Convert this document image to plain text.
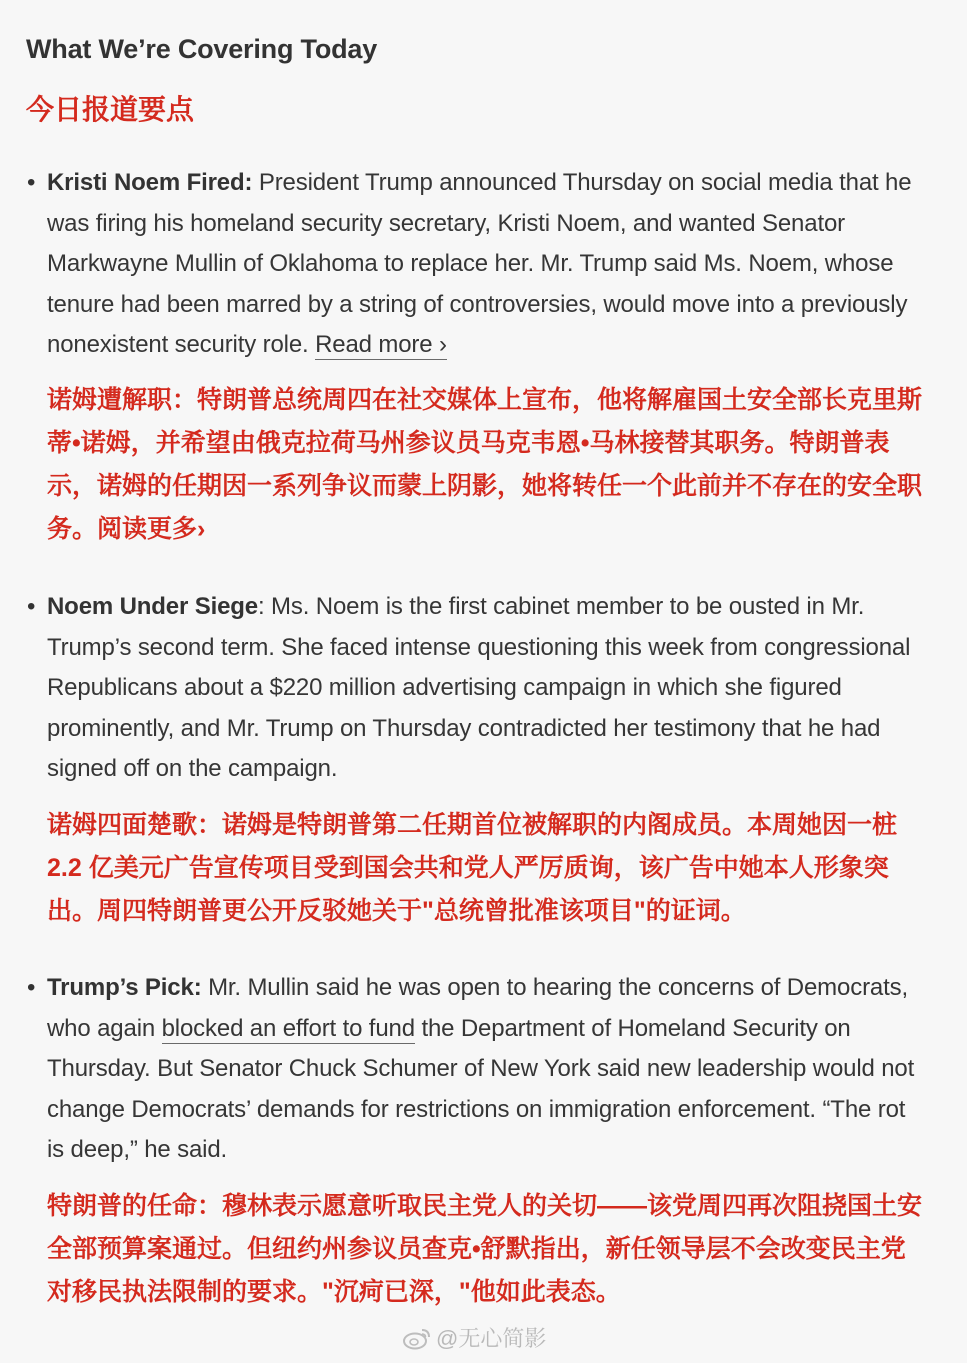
What We’re Covering Today
今日报道要点
• Kristi Noem Fired: President Trump announced Thursday on social media that he was firing his homeland security secretary, Kristi Noem, and wanted Senator Markwayne Mullin of Oklahoma to replace her. Mr. Trump said Ms. Noem, whose tenure had been marred by a string of controversies, would move into a previously nonexistent security role. Read more ›
诺姆遭解职：特朗普总统周四在社交媒体上宣布，他将解雇国土安全部长克里斯蒂•诺姆，并希望由俄克拉荷马州参议员马克韦恩•马林接替其职务。特朗普表示，诺姆的任期因一系列争议而蒙上阴影，她将转任一个此前并不存在的安全职务。阅读更多›
• Noem Under Siege: Ms. Noem is the first cabinet member to be ousted in Mr. Trump’s second term. She faced intense questioning this week from congressional Republicans about a $220 million advertising campaign in which she figured prominently, and Mr. Trump on Thursday contradicted her testimony that he had signed off on the campaign.
诺姆四面楚歌：诺姆是特朗普第二任期首位被解职的内阁成员。本周她因一桩 2.2 亿美元广告宣传项目受到国会共和党人严厉质询，该广告中她本人形象突出。周四特朗普更公开反驳她关于"总统曾批准该项目"的证词。
• Trump’s Pick: Mr. Mullin said he was open to hearing the concerns of Democrats, who again blocked an effort to fund the Department of Homeland Security on Thursday. But Senator Chuck Schumer of New York said new leadership would not change Democrats’ demands for restrictions on immigration enforcement. “The rot is deep,” he said.
特朗普的任命：穆林表示愿意听取民主党人的关切——该党周四再次阻挠国土安全部预算案通过。但纽约州参议员查克•舒默指出，新任领导层不会改变民主党对移民执法限制的要求。"沉疴已深，"他如此表态。
@无心简影
